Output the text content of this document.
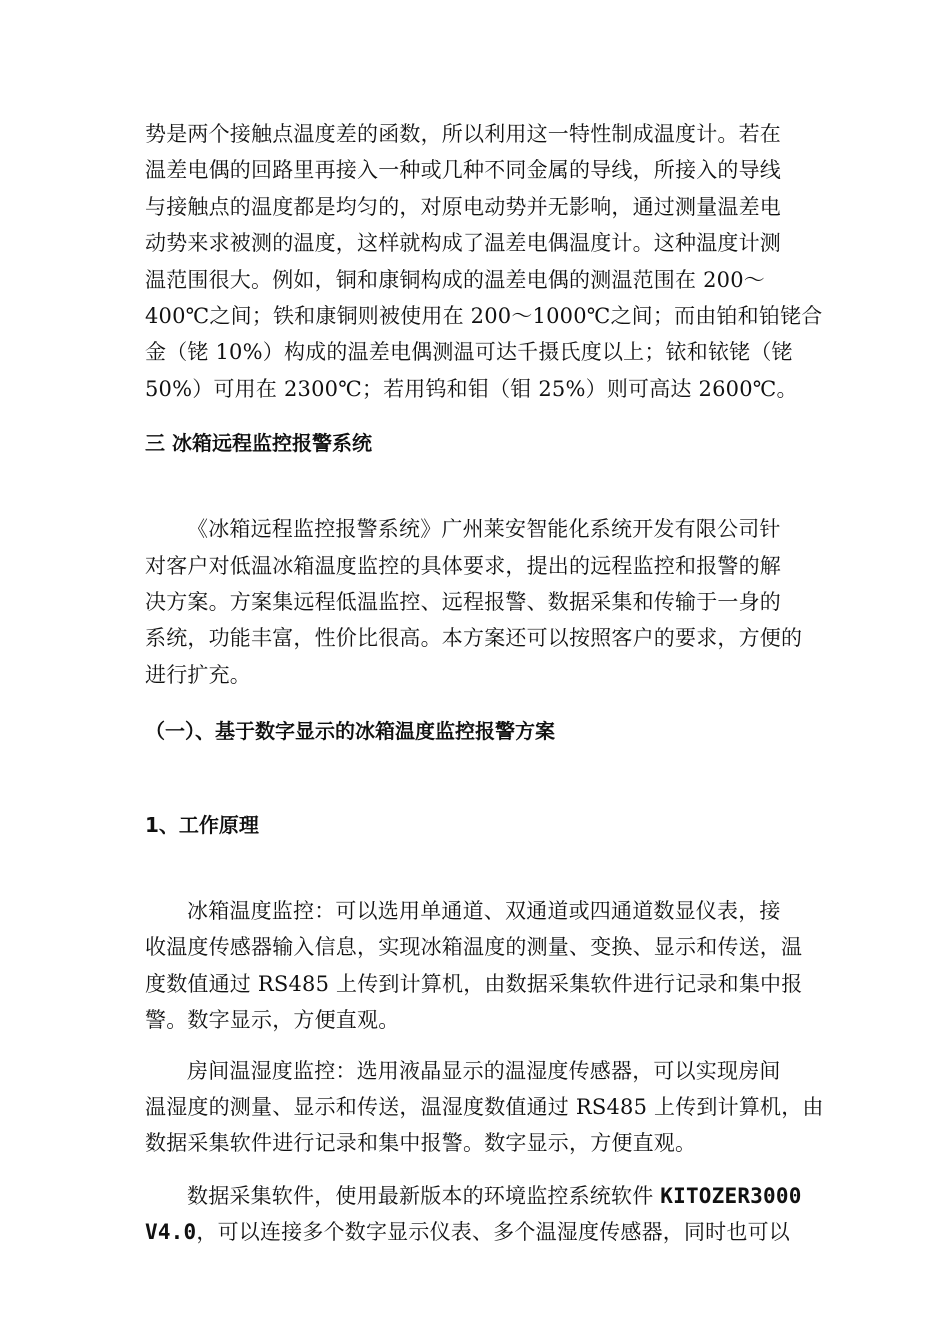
势是两个接触点温度差的函数，所以利用这一特性制成温度计。若在
温差电偶的回路里再接入一种或几种不同金属的导线，所接入的导线
与接触点的温度都是均匀的，对原电动势并无影响，通过测量温差电
动势来求被测的温度，这样就构成了温差电偶温度计。这种温度计测
温范围很大。例如，铜和康铜构成的温差电偶的测温范围在 200～
400℃之间；铁和康铜则被使用在 200～1000℃之间；而由铂和铂铑合
金（铑 10%）构成的温差电偶测温可达千摄氏度以上；铱和铱铑（铑
50%）可用在 2300℃；若用钨和钼（钼 25%）则可高达 2600℃。
三 冰箱远程监控报警系统
《冰箱远程监控报警系统》广州莱安智能化系统开发有限公司针
对客户对低温冰箱温度监控的具体要求，提出的远程监控和报警的解
决方案。方案集远程低温监控、远程报警、数据采集和传输于一身的
系统，功能丰富，性价比很高。本方案还可以按照客户的要求，方便的
进行扩充。
（一）、基于数字显示的冰箱温度监控报警方案
1、工作原理
冰箱温度监控：可以选用单通道、双通道或四通道数显仪表，接
收温度传感器输入信息，实现冰箱温度的测量、变换、显示和传送，温
度数值通过 RS485 上传到计算机，由数据采集软件进行记录和集中报
警。数字显示，方便直观。
房间温湿度监控：选用液晶显示的温湿度传感器，可以实现房间
温湿度的测量、显示和传送，温湿度数值通过 RS485 上传到计算机，由
数据采集软件进行记录和集中报警。数字显示，方便直观。
数据采集软件，使用最新版本的环境监控系统软件 KITOZER3000
V4.0，可以连接多个数字显示仪表、多个温湿度传感器，同时也可以
